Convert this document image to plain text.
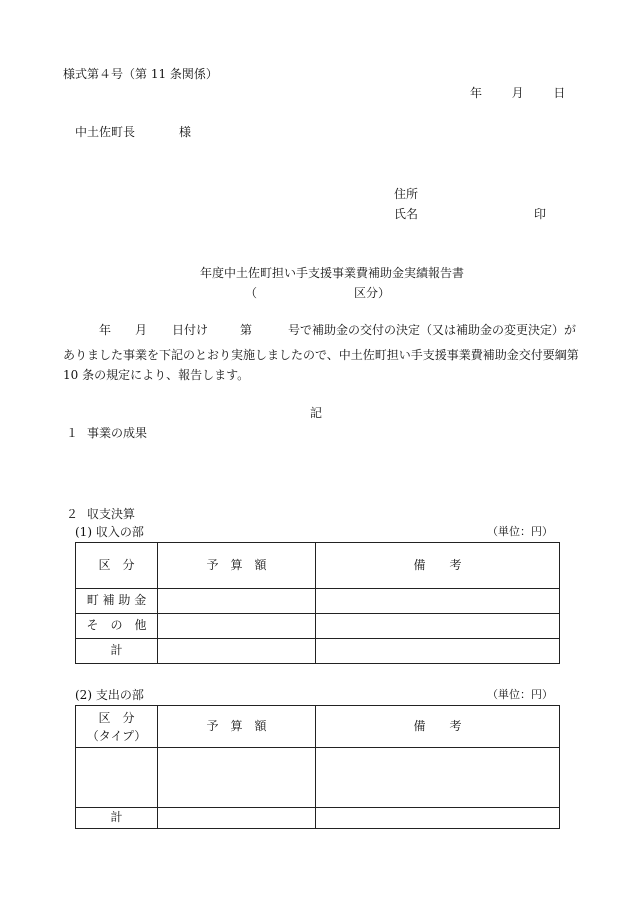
様式第４号（第 11 条関係）
年 月 日
中土佐町長	様
住所
氏名	印
年度中土佐町担い手支援事業費補助金実績報告書
（	区分）
年 月 日付け	第	号で補助金の交付の決定（又は補助金の変更決定）が
ありました事業を下記のとおり実施しましたので、中土佐町担い手支援事業費補助金交付要綱第
10 条の規定により、報告します。
記
１ 事業の成果
２ 収支決算
(1) 収入の部	（単位：円）
区　分	予　算　額	備　　考
町 補 助 金		
そ　の　他		
計		
(2) 支出の部	（単位：円）
区　分
（タイプ）	予　算　額	備　　考

計		
